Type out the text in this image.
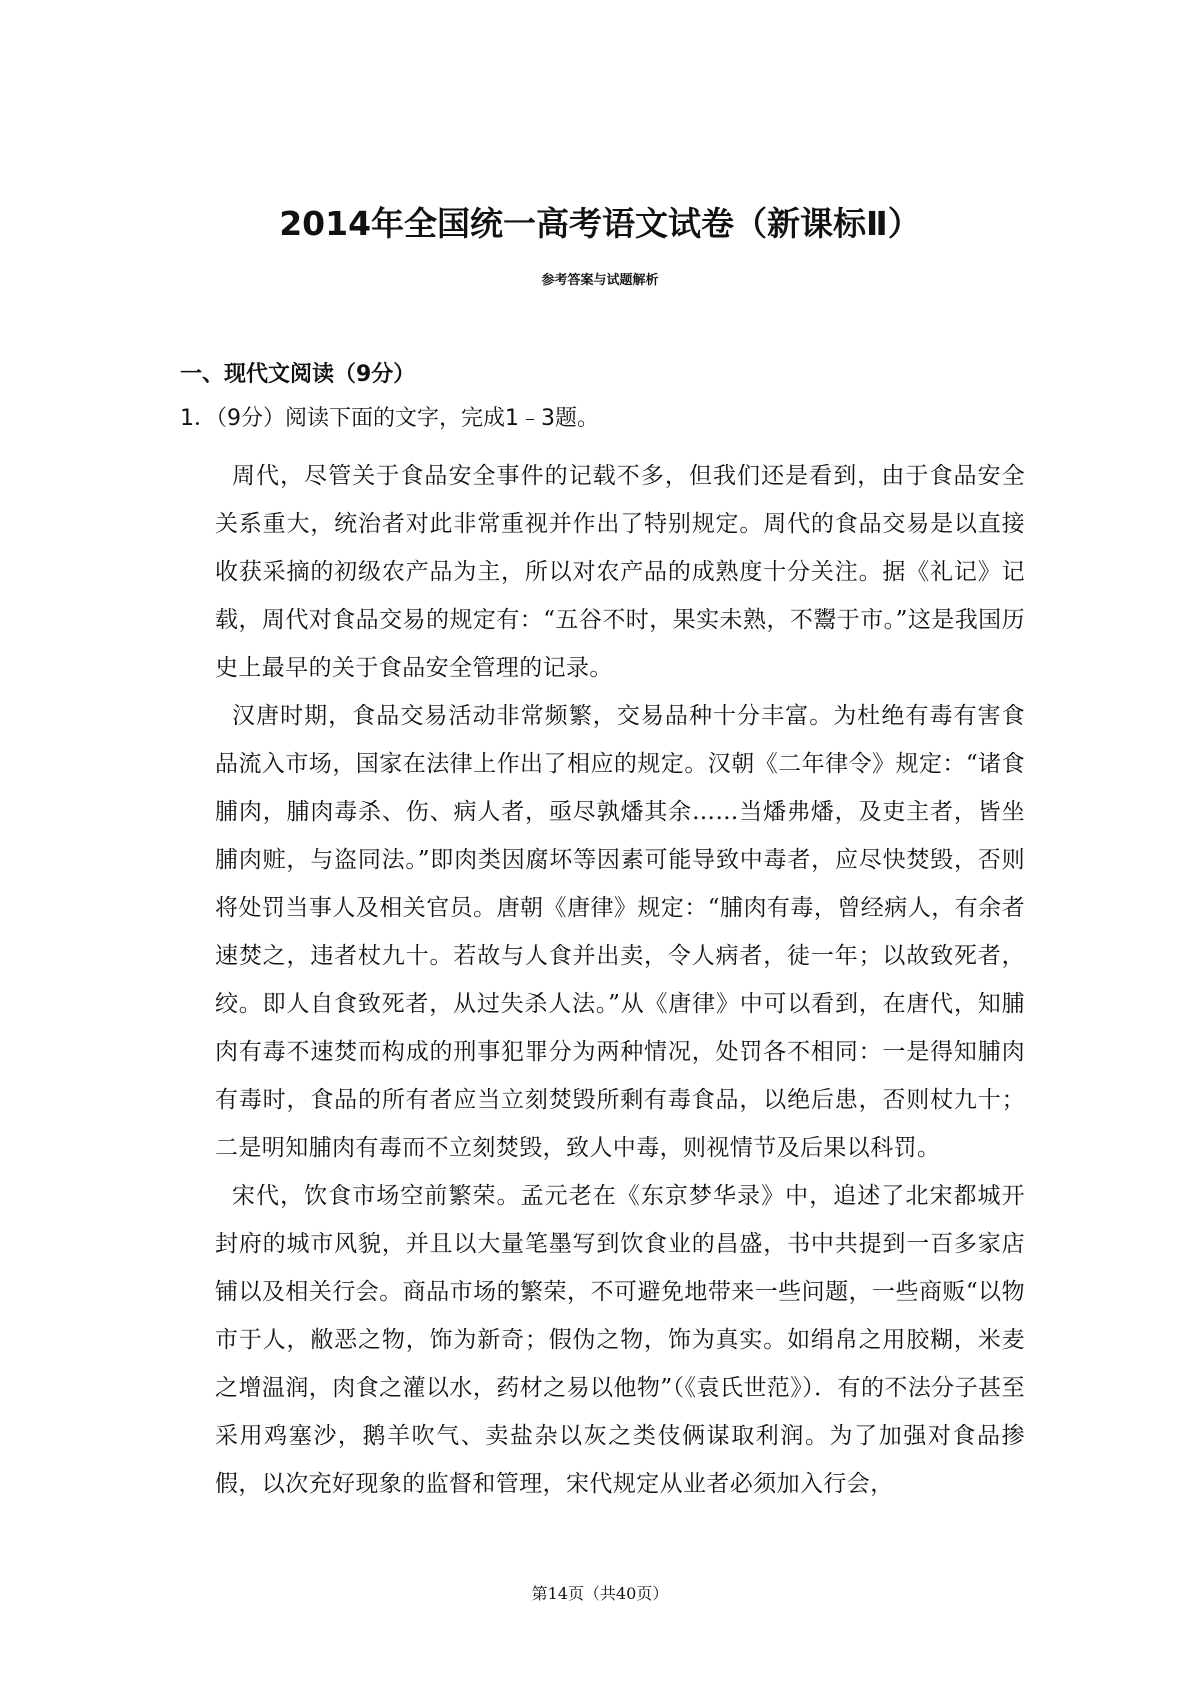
2014年全国统一高考语文试卷（新课标Ⅱ）
参考答案与试题解析
一、现代文阅读（9分）
1．（9分）阅读下面的文字，完成1﹣3题。

周代，尽管关于食品安全事件的记载不多，但我们还是看到，由于食品安全关系重大，统治者对此非常重视并作出了特别规定。周代的食品交易是以直接收获采摘的初级农产品为主，所以对农产品的成熟度十分关注。据《礼记》记载，周代对食品交易的规定有：“五谷不时，果实未熟，不鬻于市。”这是我国历史上最早的关于食品安全管理的记录。

汉唐时期，食品交易活动非常频繁，交易品种十分丰富。为杜绝有毒有害食品流入市场，国家在法律上作出了相应的规定。汉朝《二年律令》规定：“诸食脯肉，脯肉毒杀、伤、病人者，亟尽孰燔其余……当燔弗燔，及吏主者，皆坐脯肉赃，与盗同法。”即肉类因腐坏等因素可能导致中毒者，应尽快焚毁，否则将处罚当事人及相关官员。唐朝《唐律》规定：“脯肉有毒，曾经病人，有余者速焚之，违者杖九十。若故与人食并出卖，令人病者，徒一年；以故致死者，绞。即人自食致死者，从过失杀人法。”从《唐律》中可以看到，在唐代，知脯肉有毒不速焚而构成的刑事犯罪分为两种情况，处罚各不相同：一是得知脯肉有毒时，食品的所有者应当立刻焚毁所剩有毒食品，以绝后患，否则杖九十；二是明知脯肉有毒而不立刻焚毁，致人中毒，则视情节及后果以科罚。

宋代，饮食市场空前繁荣。孟元老在《东京梦华录》中，追述了北宋都城开封府的城市风貌，并且以大量笔墨写到饮食业的昌盛，书中共提到一百多家店铺以及相关行会。商品市场的繁荣，不可避免地带来一些问题，一些商贩“以物市于人，敝恶之物，饰为新奇；假伪之物，饰为真实。如绢帛之用胶糊，米麦之增温润，肉食之灌以水，药材之易以他物”（《袁氏世范》）．有的不法分子甚至采用鸡塞沙，鹅羊吹气、卖盐杂以灰之类伎俩谋取利润。为了加强对食品掺假，以次充好现象的监督和管理，宋代规定从业者必须加入行会，

第14页（共40页）
